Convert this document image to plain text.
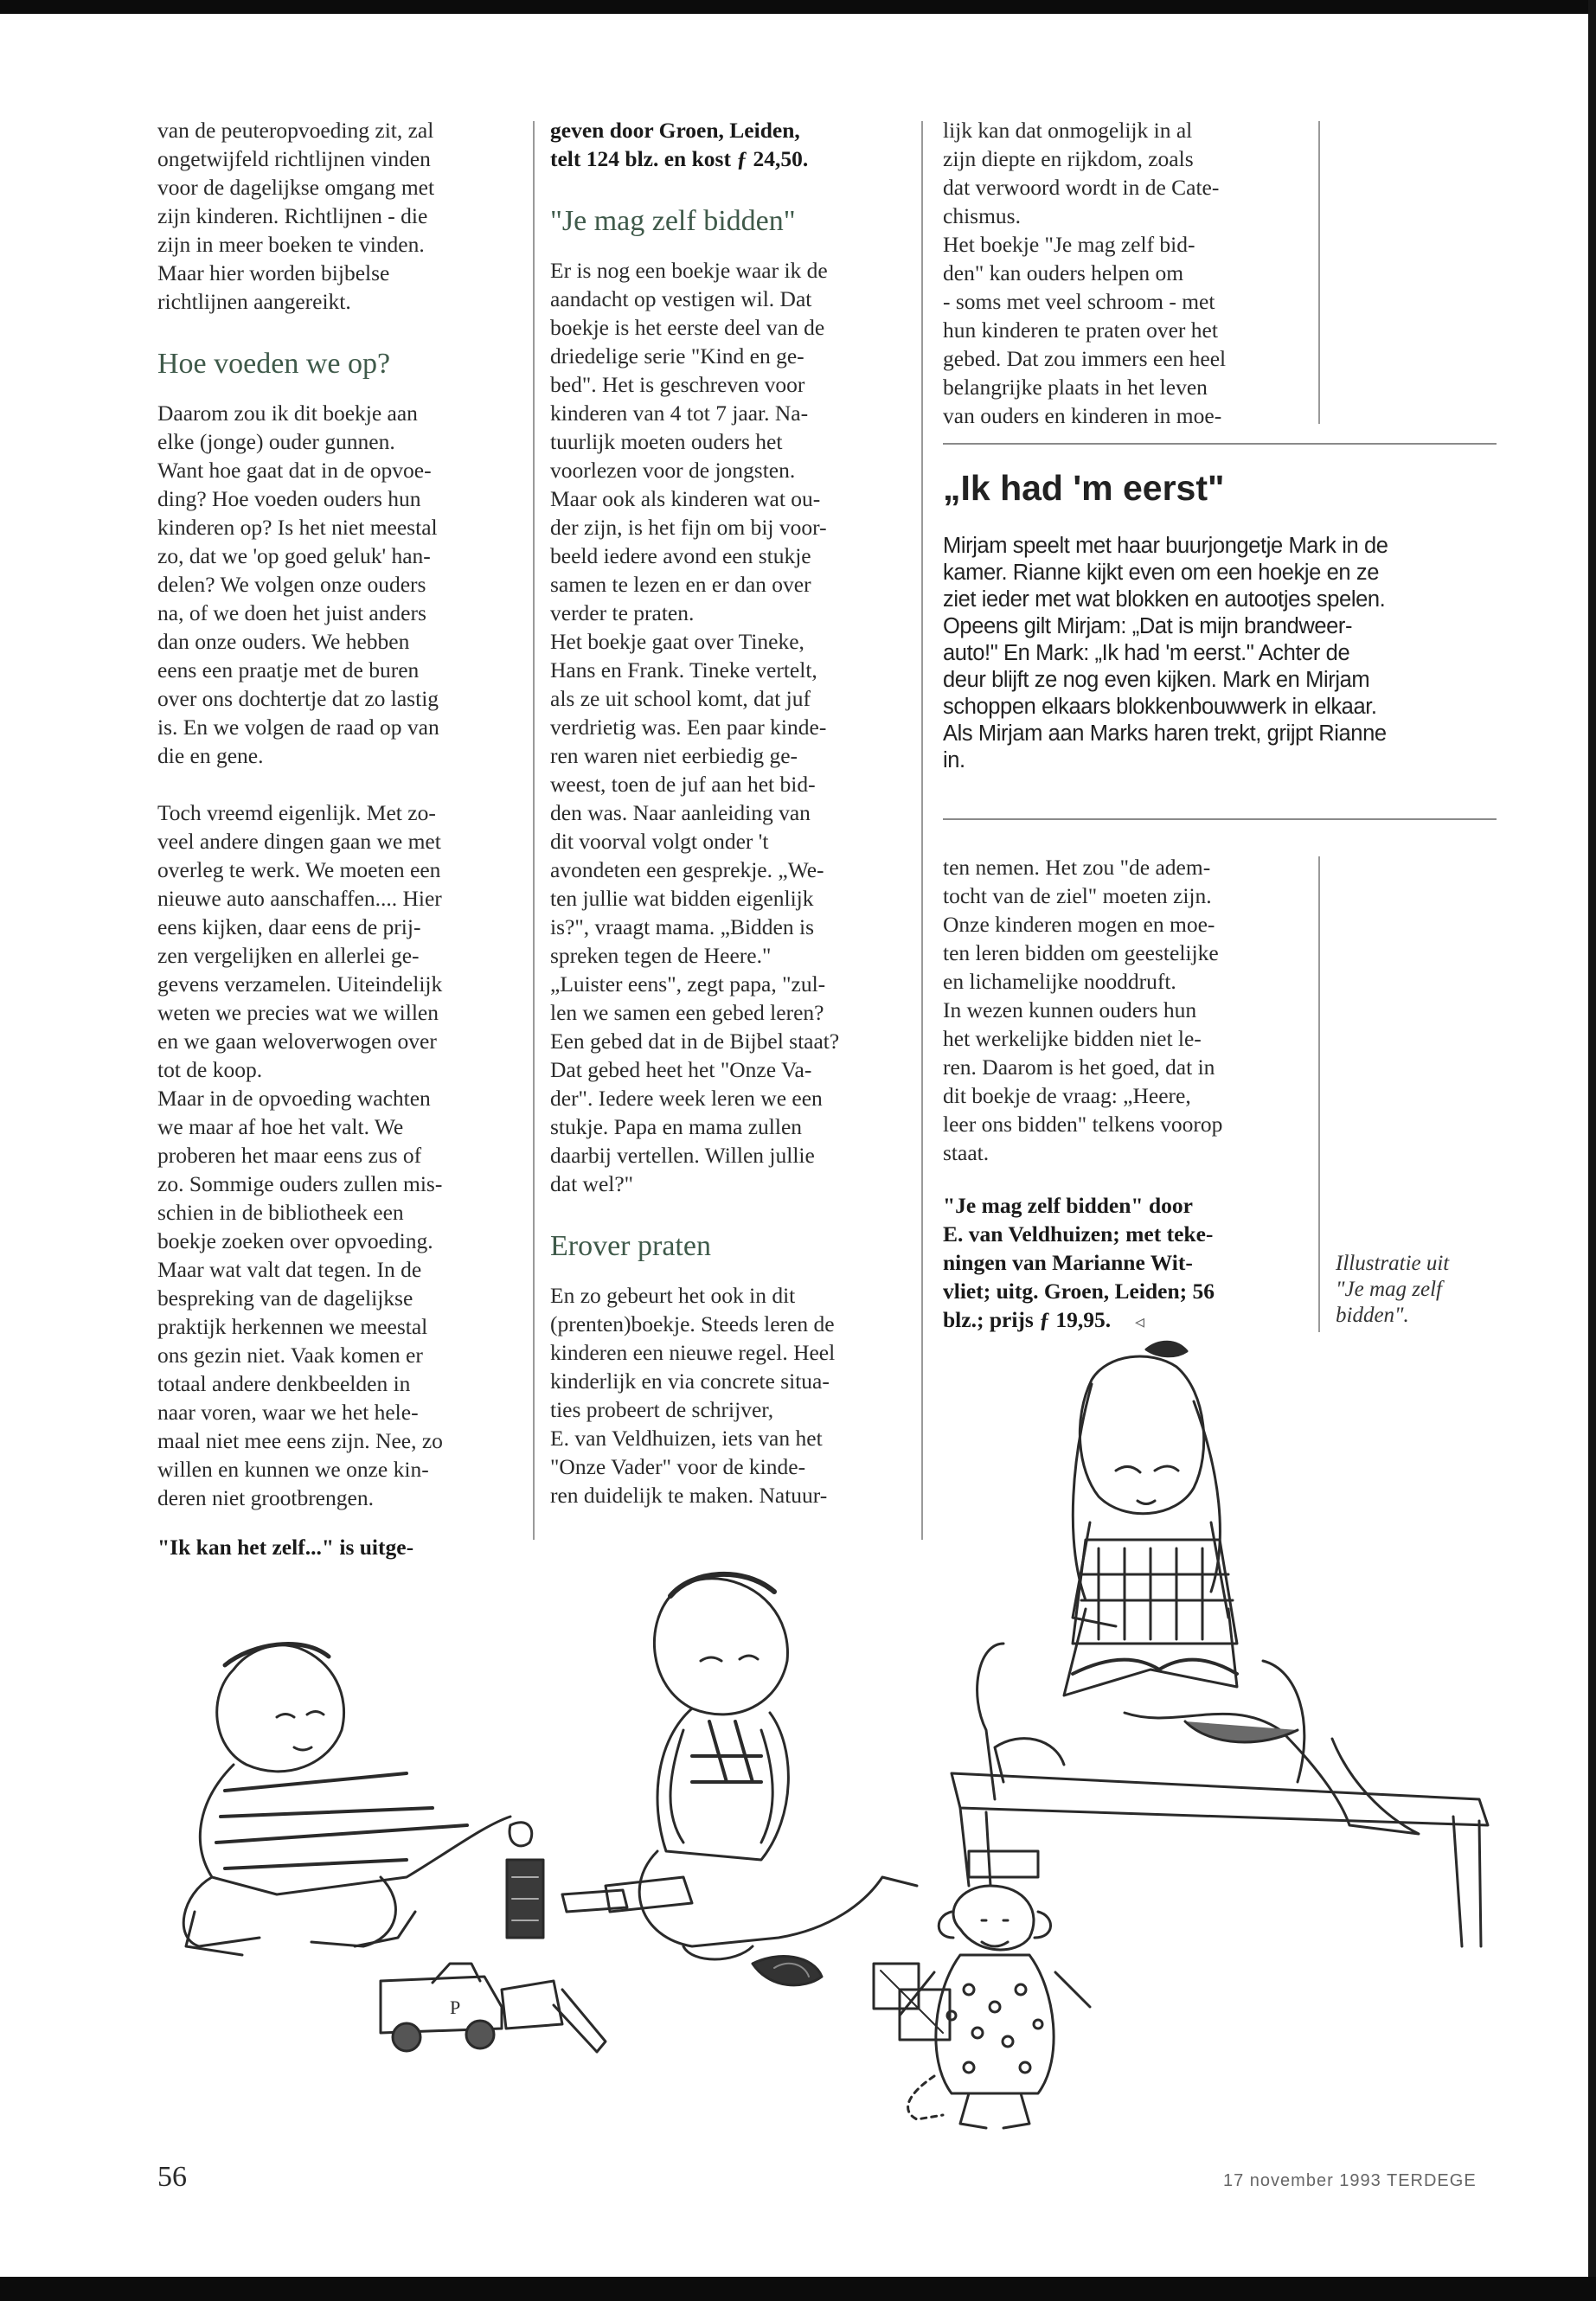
van de peuteropvoeding zit, zal
ongetwijfeld richtlijnen vinden
voor de dagelijkse omgang met
zijn kinderen. Richtlijnen - die
zijn in meer boeken te vinden.
Maar hier worden bijbelse
richtlijnen aangereikt.
Hoe voeden we op?
Daarom zou ik dit boekje aan
elke (jonge) ouder gunnen.
Want hoe gaat dat in de opvoe-
ding? Hoe voeden ouders hun
kinderen op? Is het niet meestal
zo, dat we 'op goed geluk' han-
delen? We volgen onze ouders
na, of we doen het juist anders
dan onze ouders. We hebben
eens een praatje met de buren
over ons dochtertje dat zo lastig
is. En we volgen de raad op van
die en gene.
Toch vreemd eigenlijk. Met zo-
veel andere dingen gaan we met
overleg te werk. We moeten een
nieuwe auto aanschaffen.... Hier
eens kijken, daar eens de prij-
zen vergelijken en allerlei ge-
gevens verzamelen. Uiteindelijk
weten we precies wat we willen
en we gaan weloverwogen over
tot de koop.
Maar in de opvoeding wachten
we maar af hoe het valt. We
proberen het maar eens zus of
zo. Sommige ouders zullen mis-
schien in de bibliotheek een
boekje zoeken over opvoeding.
Maar wat valt dat tegen. In de
bespreking van de dagelijkse
praktijk herkennen we meestal
ons gezin niet. Vaak komen er
totaal andere denkbeelden in
naar voren, waar we het hele-
maal niet mee eens zijn. Nee, zo
willen en kunnen we onze kin-
deren niet grootbrengen.
"Ik kan het zelf..." is uitge-
geven door Groen, Leiden,
telt 124 blz. en kost ƒ 24,50.
"Je mag zelf bidden"
Er is nog een boekje waar ik de
aandacht op vestigen wil. Dat
boekje is het eerste deel van de
driedelige serie "Kind en ge-
bed". Het is geschreven voor
kinderen van 4 tot 7 jaar. Na-
tuurlijk moeten ouders het
voorlezen voor de jongsten.
Maar ook als kinderen wat ou-
der zijn, is het fijn om bij voor-
beeld iedere avond een stukje
samen te lezen en er dan over
verder te praten.
Het boekje gaat over Tineke,
Hans en Frank. Tineke vertelt,
als ze uit school komt, dat juf
verdrietig was. Een paar kinde-
ren waren niet eerbiedig ge-
weest, toen de juf aan het bid-
den was. Naar aanleiding van
dit voorval volgt onder 't
avondeten een gesprekje. „We-
ten jullie wat bidden eigenlijk
is?", vraagt mama. „Bidden is
spreken tegen de Heere."
„Luister eens", zegt papa, "zul-
len we samen een gebed leren?
Een gebed dat in de Bijbel staat?
Dat gebed heet het "Onze Va-
der". Iedere week leren we een
stukje. Papa en mama zullen
daarbij vertellen. Willen jullie
dat wel?"
Erover praten
En zo gebeurt het ook in dit
(prenten)boekje. Steeds leren de
kinderen een nieuwe regel. Heel
kinderlijk en via concrete situa-
ties probeert de schrijver,
E. van Veldhuizen, iets van het
"Onze Vader" voor de kinde-
ren duidelijk te maken. Natuur-
lijk kan dat onmogelijk in al
zijn diepte en rijkdom, zoals
dat verwoord wordt in de Cate-
chismus.
Het boekje "Je mag zelf bid-
den" kan ouders helpen om
- soms met veel schroom - met
hun kinderen te praten over het
gebed. Dat zou immers een heel
belangrijke plaats in het leven
van ouders en kinderen in moe-
„Ik had 'm eerst"
Mirjam speelt met haar buurjongetje Mark in de
kamer. Rianne kijkt even om een hoekje en ze
ziet ieder met wat blokken en autootjes spelen.
Opeens gilt Mirjam: „Dat is mijn brandweer-
auto!" En Mark: „Ik had 'm eerst." Achter de
deur blijft ze nog even kijken. Mark en Mirjam
schoppen elkaars blokkenbouwwerk in elkaar.
Als Mirjam aan Marks haren trekt, grijpt Rianne
in.
ten nemen. Het zou "de adem-
tocht van de ziel" moeten zijn.
Onze kinderen mogen en moe-
ten leren bidden om geestelijke
en lichamelijke nooddruft.
In wezen kunnen ouders hun
het werkelijke bidden niet le-
ren. Daarom is het goed, dat in
dit boekje de vraag: „Heere,
leer ons bidden" telkens voorop
staat.
"Je mag zelf bidden" door
E. van Veldhuizen; met teke-
ningen van Marianne Wit-
vliet; uitg. Groen, Leiden; 56
blz.; prijs ƒ 19,95.	◃
Illustratie uit
"Je mag zelf
bidden".
P
56	17 november 1993 TERDEGE
